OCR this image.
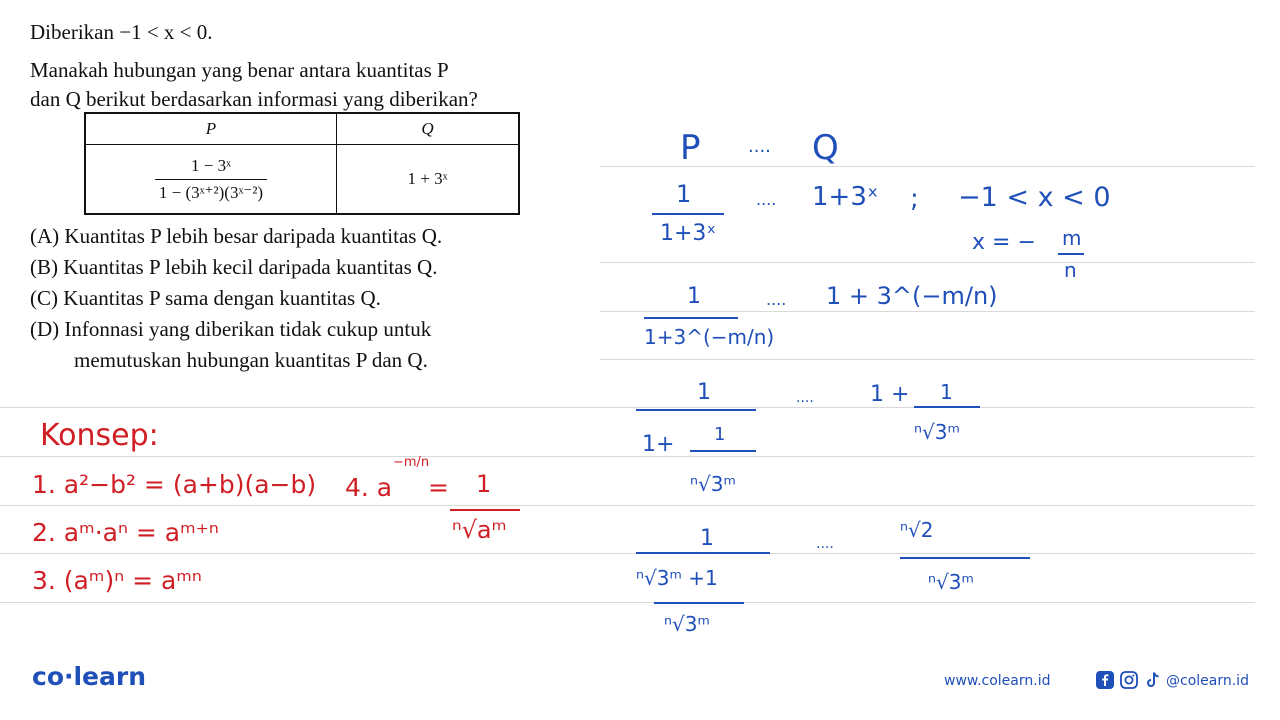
Diberikan −1 < x < 0.
Manakah hubungan yang benar antara kuantitas P
dan Q berikut berdasarkan informasi yang diberikan?
P	Q

$\frac{\text{1 − 3ˣ}}{\text{1 − (3ˣ⁺²)(3ˣ⁻²)}}$	1 + 3ˣ
(A) Kuantitas P lebih besar daripada kuantitas Q.
(B) Kuantitas P lebih kecil daripada kuantitas Q.
(C) Kuantitas P sama dengan kuantitas Q.
(D) Infonnasi yang diberikan tidak cukup untuk
memutuskan hubungan kuantitas P dan Q.
Konsep:
1. a²−b² = (a+b)(a−b)
2. aᵐ·aⁿ = aᵐ⁺ⁿ
3. (aᵐ)ⁿ = aᵐⁿ
4. a
−m/n
= 1
ⁿ√aᵐ
P	.... Q
1
1+3ˣ
.... 1+3ˣ ; −1 < x < 0
x = − m
n
1
1+3^(−m/n)
.... 1 + 3^(−m/n)
1
1+ 1
ⁿ√3ᵐ
....	1 + 1
ⁿ√3ᵐ
1
ⁿ√3ᵐ +1
ⁿ√3ᵐ
....
ⁿ√2
ⁿ√3ᵐ
co·learn	www.colearn.id	@colearn.id
